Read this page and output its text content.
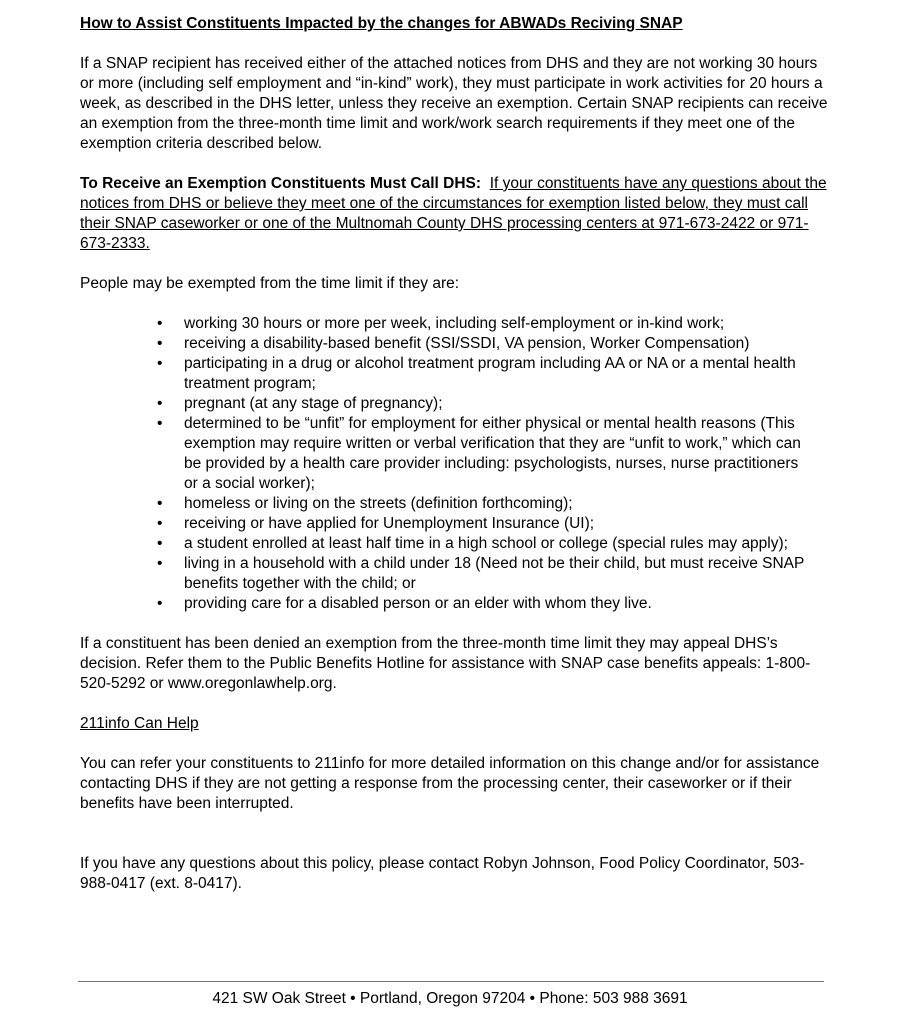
How to Assist Constituents Impacted by the changes for ABWADs Reciving SNAP

If a SNAP recipient has received either of the attached notices from DHS and they are not working 30 hours or more (including self employment and “in-kind” work), they must participate in work activities for 20 hours a week, as described in the DHS letter, unless they receive an exemption. Certain SNAP recipients can receive an exemption from the three-month time limit and work/work search requirements if they meet one of the exemption criteria described below.

To Receive an Exemption Constituents Must Call DHS: If your constituents have any questions about the notices from DHS or believe they meet one of the circumstances for exemption listed below, they must call their SNAP caseworker or one of the Multnomah County DHS processing centers at 971-673-2422 or 971-673-2333.

People may be exempted from the time limit if they are:

• working 30 hours or more per week, including self-employment or in-kind work;
• receiving a disability-based benefit (SSI/SSDI, VA pension, Worker Compensation)
• participating in a drug or alcohol treatment program including AA or NA or a mental health treatment program;
• pregnant (at any stage of pregnancy);
• determined to be “unfit” for employment for either physical or mental health reasons (This exemption may require written or verbal verification that they are “unfit to work,” which can be provided by a health care provider including: psychologists, nurses, nurse practitioners or a social worker);
• homeless or living on the streets (definition forthcoming);
• receiving or have applied for Unemployment Insurance (UI);
• a student enrolled at least half time in a high school or college (special rules may apply);
• living in a household with a child under 18 (Need not be their child, but must receive SNAP benefits together with the child; or
• providing care for a disabled person or an elder with whom they live.

If a constituent has been denied an exemption from the three-month time limit they may appeal DHS’s decision. Refer them to the Public Benefits Hotline for assistance with SNAP case benefits appeals: 1-800-520-5292 or www.oregonlawhelp.org.

211info Can Help

You can refer your constituents to 211info for more detailed information on this change and/or for assistance contacting DHS if they are not getting a response from the processing center, their caseworker or if their benefits have been interrupted.

If you have any questions about this policy, please contact Robyn Johnson, Food Policy Coordinator, 503-988-0417 (ext. 8-0417).

421 SW Oak Street • Portland, Oregon 97204 • Phone: 503 988 3691
